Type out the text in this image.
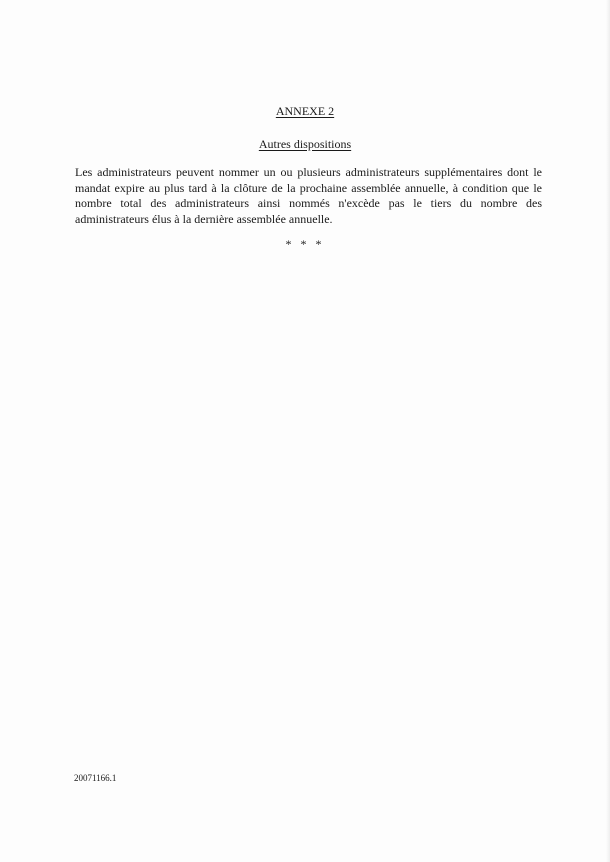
ANNEXE 2
Autres dispositions

Les administrateurs peuvent nommer un ou plusieurs administrateurs supplémentaires dont le mandat expire au plus tard à la clôture de la prochaine assemblée annuelle, à condition que le nombre total des administrateurs ainsi nommés n'excède pas le tiers du nombre des administrateurs élus à la dernière assemblée annuelle.

* * *

20071166.1
